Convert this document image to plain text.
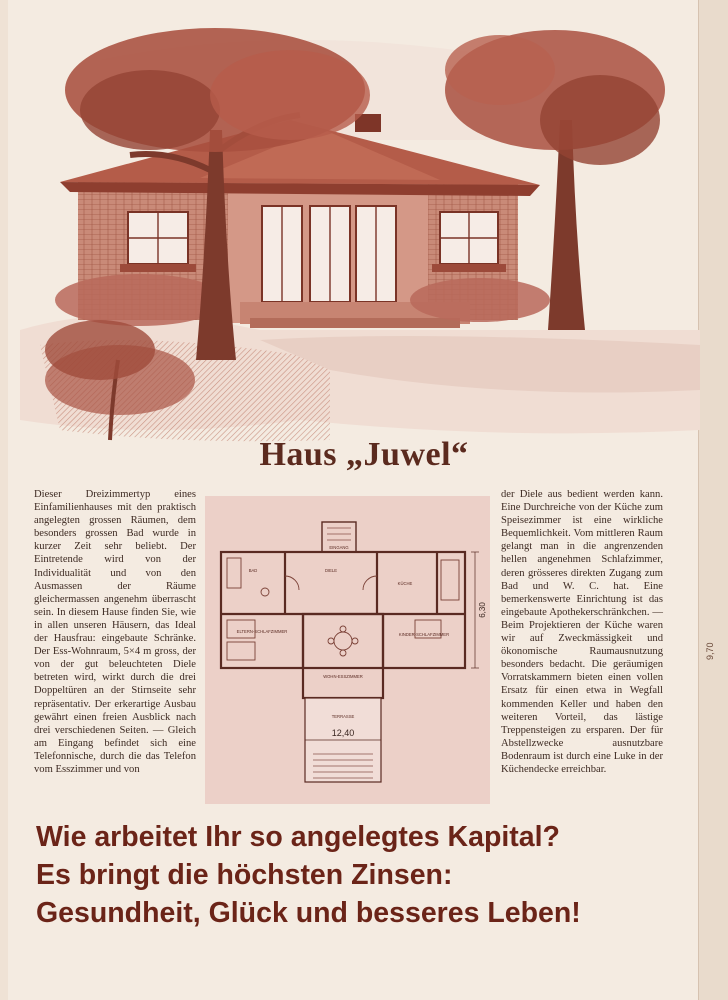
9,70
Haus „Juwel“
Dieser Dreizimmertyp eines Einfamilienhauses mit den praktisch angelegten grossen Räumen, dem besonders grossen Bad wurde in kurzer Zeit sehr beliebt. Der Eintretende wird von der Individualität und von den Ausmassen der Räume gleichermassen angenehm überrascht sein. In diesem Hause finden Sie, wie in allen unseren Häusern, das Ideal der Hausfrau: eingebaute Schränke. Der Ess-Wohnraum, 5×4 m gross, der von der gut beleuchteten Diele betreten wird, wirkt durch die drei Doppeltüren an der Stirnseite sehr repräsentativ. Der erkerartige Ausbau gewährt einen freien Ausblick nach drei verschiedenen Seiten. — Gleich am Eingang befindet sich eine Telefonnische, durch die das Telefon vom Esszimmer und von
der Diele aus bedient werden kann. Eine Durchreiche von der Küche zum Speisezimmer ist eine wirkliche Bequemlichkeit. Vom mittleren Raum gelangt man in die angrenzenden hellen angenehmen Schlafzimmer, deren grösseres direkten Zugang zum Bad und W. C. hat. Eine bemerkenswerte Einrichtung ist das eingebaute Apothekerschränkchen. — Beim Projektieren der Küche waren wir auf Zweckmässigkeit und ökonomische Raumausnutzung besonders bedacht. Die geräumigen Vorratskammern bieten einen vollen Ersatz für einen etwa in Wegfall kommenden Keller und haben den weiteren Vorteil, das lästige Treppensteigen zu ersparen. Der für Abstellzwecke ausnutzbare Bodenraum ist durch eine Luke in der Küchendecke erreichbar.
EINGANG
BAD	DIELE
KÜCHE
ELTERN-SCHLAFZIMMER
KINDER-SCHLAFZIMMER
WOHN-ESSZIMMER
TERRASSE
12,40
6,30
Wie arbeitet Ihr so angelegtes Kapital?
Es bringt die höchsten Zinsen:
Gesundheit, Glück und besseres Leben!
